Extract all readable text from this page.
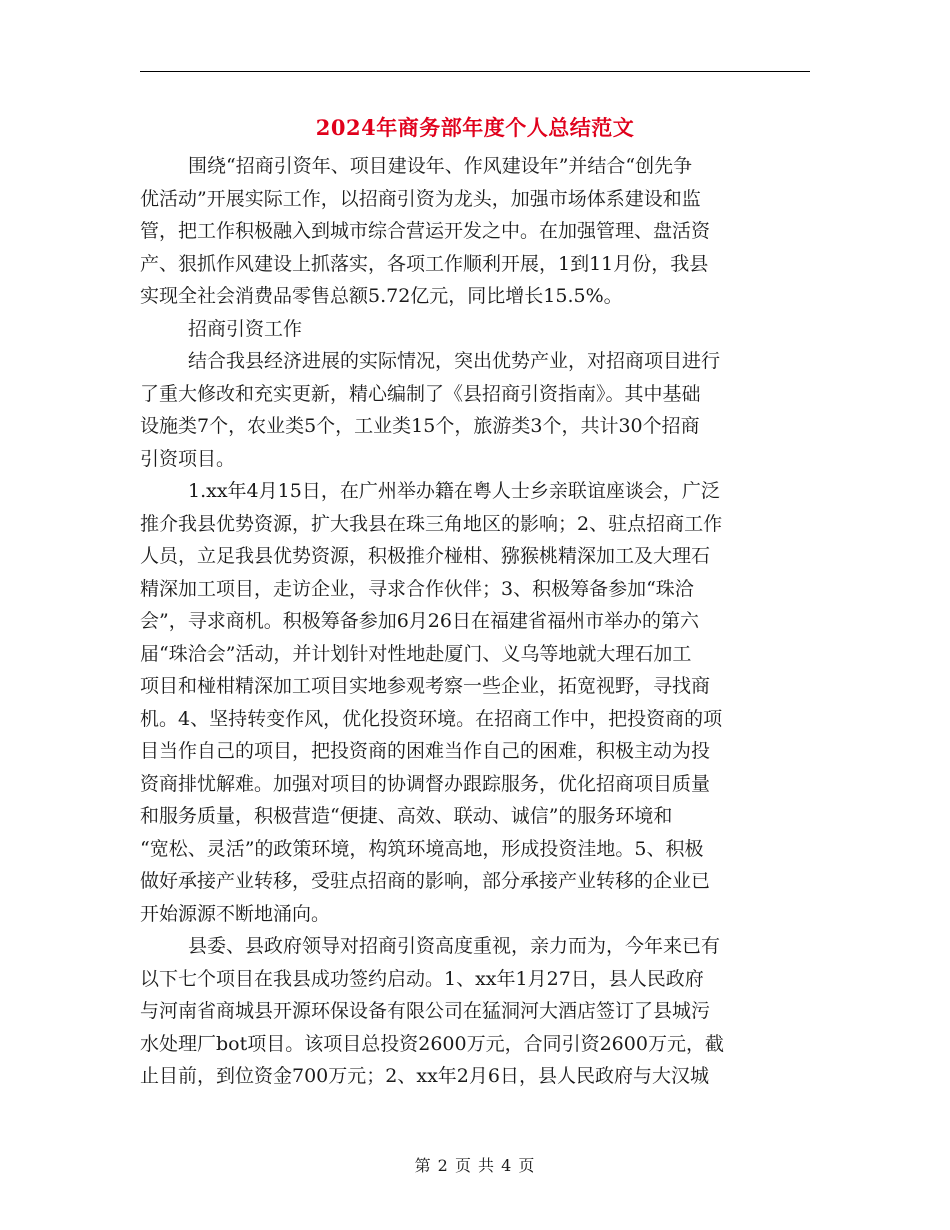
2024年商务部年度个人总结范文

围绕“招商引资年、项目建设年、作风建设年”并结合“创先争
优活动”开展实际工作，以招商引资为龙头，加强市场体系建设和监
管，把工作积极融入到城市综合营运开发之中。在加强管理、盘活资
产、狠抓作风建设上抓落实，各项工作顺利开展，1到11月份，我县
实现全社会消费品零售总额5.72亿元，同比增长15.5%。

招商引资工作

结合我县经济进展的实际情况，突出优势产业，对招商项目进行
了重大修改和充实更新，精心编制了《县招商引资指南》。其中基础
设施类7个，农业类5个，工业类15个，旅游类3个，共计30个招商
引资项目。

1.xx年4月15日，在广州举办籍在粤人士乡亲联谊座谈会，广泛
推介我县优势资源，扩大我县在珠三角地区的影响；2、驻点招商工作
人员，立足我县优势资源，积极推介椪柑、猕猴桃精深加工及大理石
精深加工项目，走访企业，寻求合作伙伴；3、积极筹备参加“珠洽
会”，寻求商机。积极筹备参加6月26日在福建省福州市举办的第六
届“珠洽会”活动，并计划针对性地赴厦门、义乌等地就大理石加工
项目和椪柑精深加工项目实地参观考察一些企业，拓宽视野，寻找商
机。4、坚持转变作风，优化投资环境。在招商工作中，把投资商的项
目当作自己的项目，把投资商的困难当作自己的困难，积极主动为投
资商排忧解难。加强对项目的协调督办跟踪服务，优化招商项目质量
和服务质量，积极营造“便捷、高效、联动、诚信”的服务环境和
“宽松、灵活”的政策环境，构筑环境高地，形成投资洼地。5、积极
做好承接产业转移，受驻点招商的影响，部分承接产业转移的企业已
开始源源不断地涌向。

县委、县政府领导对招商引资高度重视，亲力而为，今年来已有
以下七个项目在我县成功签约启动。1、xx年1月27日，县人民政府
与河南省商城县开源环保设备有限公司在猛洞河大酒店签订了县城污
水处理厂bot项目。该项目总投资2600万元，合同引资2600万元，截
止目前，到位资金700万元；2、xx年2月6日，县人民政府与大汉城

第 2 页 共 4 页
